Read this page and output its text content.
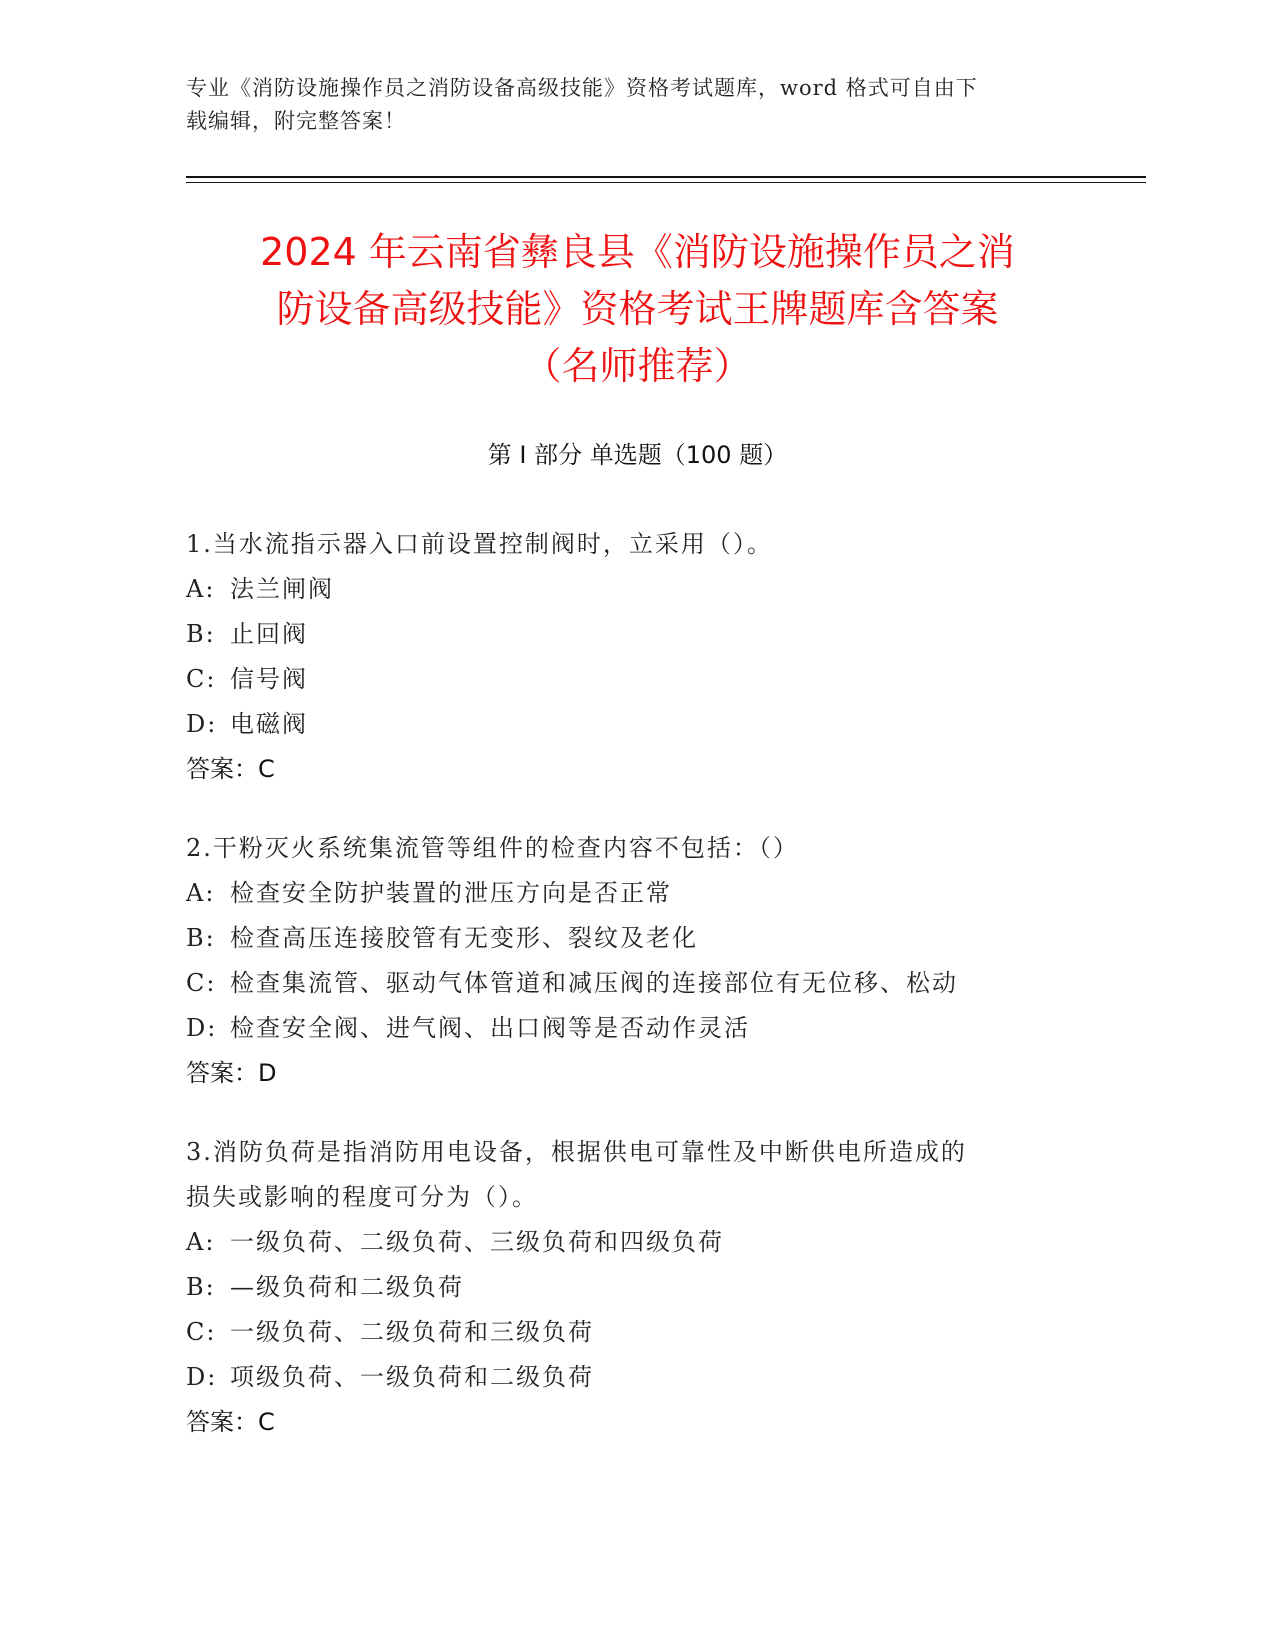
专业《消防设施操作员之消防设备高级技能》资格考试题库，word 格式可自由下
载编辑，附完整答案！
2024 年云南省彝良县《消防设施操作员之消
防设备高级技能》资格考试王牌题库含答案
（名师推荐）
第 I 部分 单选题（100 题）
1.当水流指示器入口前设置控制阀时，立采用（）。
A: 法兰闸阀
B: 止回阀
C: 信号阀
D: 电磁阀
答案：C
2.干粉灭火系统集流管等组件的检查内容不包括：（）
A: 检查安全防护装置的泄压方向是否正常
B: 检查高压连接胶管有无变形、裂纹及老化
C: 检查集流管、驱动气体管道和减压阀的连接部位有无位移、松动
D: 检查安全阀、进气阀、出口阀等是否动作灵活
答案：D
3.消防负荷是指消防用电设备，根据供电可靠性及中断供电所造成的
损失或影响的程度可分为（）。
A: 一级负荷、二级负荷、三级负荷和四级负荷
B: —级负荷和二级负荷
C: 一级负荷、二级负荷和三级负荷
D: 项级负荷、一级负荷和二级负荷
答案：C
